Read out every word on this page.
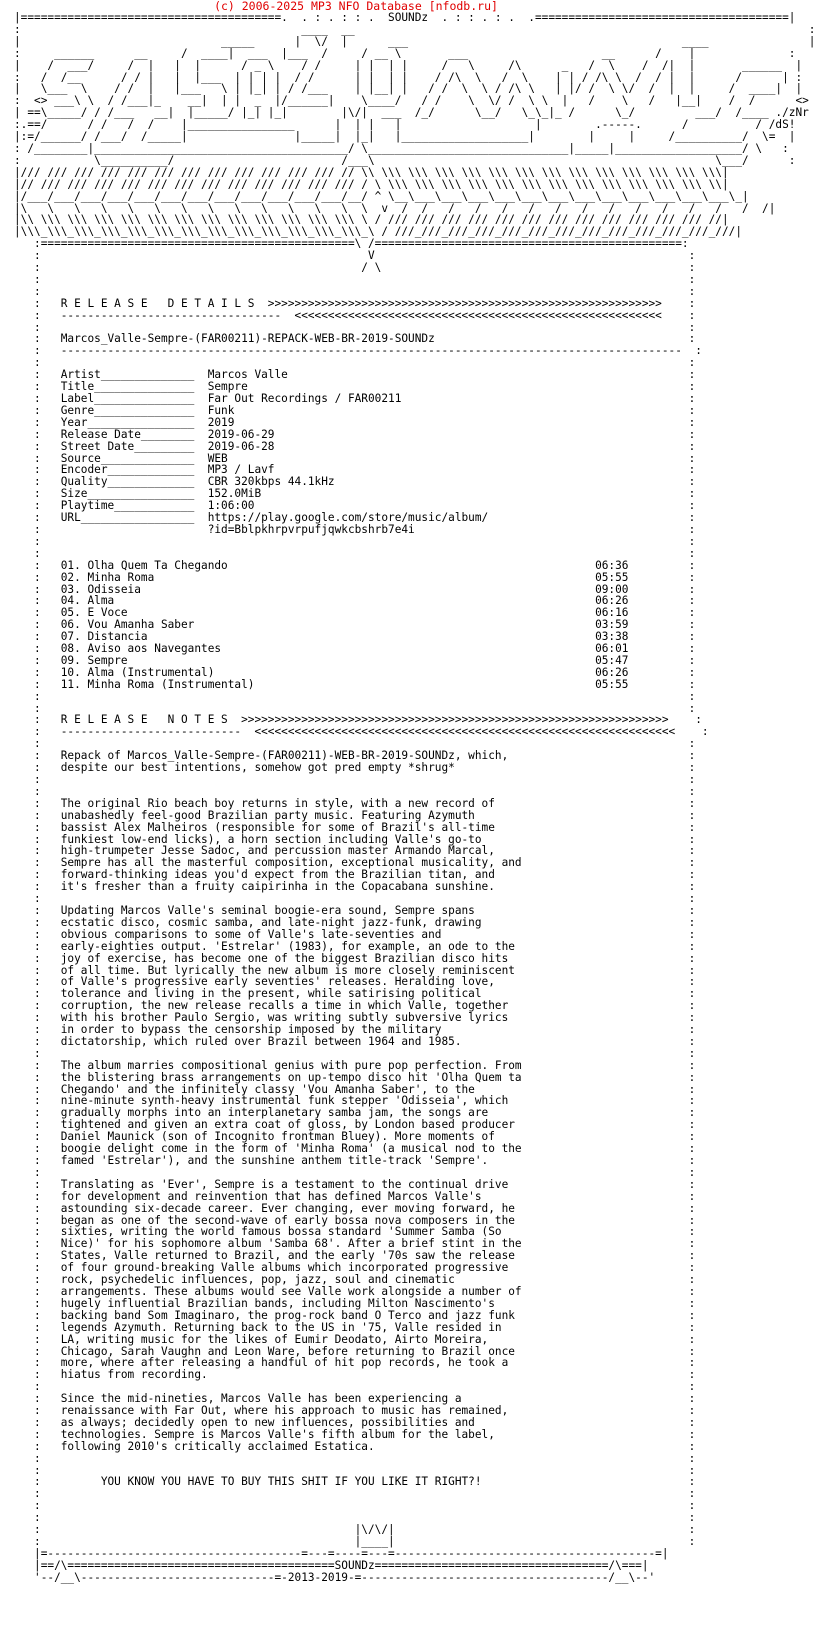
(c) 2006-2025 MP3 NFO Database [nfodb.ru]
|=======================================.  . : . : : .  SOUNDz  . : : . : .  .======================================|
:                                          ____  __                                                                    :
|                              _____      |  \/  |      ___                                         ____               |
:     ______      __     /  ____|  ___  |___  /     / __ \       ___                    __      /    |              :
|    /  ___/     /  |   |  |      / _ \    / /     | |  | |     /   \     /\      _   /  \    /  /|  |       ______  |
:   /  /__      / / |   |  |___  | | | |  / /      | |  | |    / /\  \   /  \    | | / /\ \  /  / |  |      /      | :
|   \___  \    / /  |   |___   \ | |_| | / /___    | |__| |   / /  \  \ / /\ \   | |/ /  \ \/  /  |  |     /  ____|  |
:  <> ___\ \  / /___|_    __|  | |  _  |/______|    \____/   / /    \  \/ /  \ \  |   /    \   /   |__|    /  /      <>
| ==\_____/ / /___   __|  |_____/ |_| |_|        |\/|  ___  /_/      \__/   \_\_|_ /      \_/         ___/  /____ ./zNr
:.==/      / /   /  /    |________________      |  | |   |                    |        .-----.      /          / /dS!
|:=/______/ /___/  /_____|                |_____|  |_|   |___________________|        |     |     /__________/  \=  |
: /________|______________________________________/ \______________________________|_____|___________________/ \   :
:           \__________/                         /___\                                                   \___/      :
|/// /// /// /// /// /// /// /// /// /// /// /// // \\ \\\ \\\ \\\ \\\ \\\ \\\ \\\ \\\ \\\ \\\ \\\ \\\ \\\|
|// /// /// /// /// /// /// /// /// /// /// /// /// / \ \\\ \\\ \\\ \\\ \\\ \\\ \\\ \\\ \\\ \\\ \\\ \\\ \\|
|/___/___/___/___/___/___/___/___/___/___/___/___/__/ ^ \__\___\___\___\___\___\___\___\___\___\___\___\___\_|
|\   \   \   \   \   \   \   \   \   \   \   \   \  \  v  /  /   /   /   /   /   /   /   /   /   /   /   /   /  /|
|\\ \\\ \\\ \\\ \\\ \\\ \\\ \\\ \\\ \\\ \\\ \\\ \\\ \ / /// /// /// /// /// /// /// /// /// /// /// /// //|
|\\\_\\\_\\\_\\\_\\\_\\\_\\\_\\\_\\\_\\\_\\\_\\\_\\\_\ / ///_///_///_///_///_///_///_///_///_///_///_///_///|
:===============================================\ /==============================================:
:                                                 V                                               :
:                                                / \                                              :
:                                                                                                 :
:                                                                                                 :
:   R E L E A S E   D E T A I L S  >>>>>>>>>>>>>>>>>>>>>>>>>>>>>>>>>>>>>>>>>>>>>>>>>>>>>>>>>>>    :
:   ---------------------------------  <<<<<<<<<<<<<<<<<<<<<<<<<<<<<<<<<<<<<<<<<<<<<<<<<<<<<<<    :
:                                                                                                 :
:   Marcos_Valle-Sempre-(FAR00211)-REPACK-WEB-BR-2019-SOUNDz                                      :
:   ---------------------------------------------------------------------------------------------  :
:                                                                                                 :
:   Artist______________  Marcos Valle                                                            :
:   Title_______________  Sempre                                                                  :
:   Label_______________  Far Out Recordings / FAR00211                                           :
:   Genre_______________  Funk                                                                    :
:   Year________________  2019                                                                    :
:   Release Date________  2019-06-29                                                              :
:   Street Date_________  2019-06-28                                                              :
:   Source______________  WEB                                                                     :
:   Encoder_____________  MP3 / Lavf                                                              :
:   Quality_____________  CBR 320kbps 44.1kHz                                                     :
:   Size________________  152.0MiB                                                                :
:   Playtime____________  1:06:00                                                                 :
:   URL_________________  https://play.google.com/store/music/album/                              :
:                         ?id=Bblpkhrpvrpufjqwkcbshrb7e4i                                         :
:                                                                                                 :
:                                                                                                 :
:   01. Olha Quem Ta Chegando                                                       06:36         :
:   02. Minha Roma                                                                  05:55         :
:   03. Odisseia                                                                    09:00         :
:   04. Alma                                                                        06:26         :
:   05. E Voce                                                                      06:16         :
:   06. Vou Amanha Saber                                                            03:59         :
:   07. Distancia                                                                   03:38         :
:   08. Aviso aos Navegantes                                                        06:01         :
:   09. Sempre                                                                      05:47         :
:   10. Alma (Instrumental)                                                         06:26         :
:   11. Minha Roma (Instrumental)                                                   05:55         :
:                                                                                                 :
:                                                                                                 :
:   R E L E A S E   N O T E S  >>>>>>>>>>>>>>>>>>>>>>>>>>>>>>>>>>>>>>>>>>>>>>>>>>>>>>>>>>>>>>>>    :
:   ---------------------------  <<<<<<<<<<<<<<<<<<<<<<<<<<<<<<<<<<<<<<<<<<<<<<<<<<<<<<<<<<<<<<<    :
:                                                                                                 :
:   Repack of Marcos_Valle-Sempre-(FAR00211)-WEB-BR-2019-SOUNDz, which,                           :
:   despite our best intentions, somehow got pred empty *shrug*                                   :
:                                                                                                 :
:                                                                                                 :
:   The original Rio beach boy returns in style, with a new record of                             :
:   unabashedly feel-good Brazilian party music. Featuring Azymuth                                :
:   bassist Alex Malheiros (responsible for some of Brazil's all-time                             :
:   funkiest low-end licks), a horn section including Valle's go-to                               :
:   high-trumpeter Jesse Sadoc, and percussion master Armando Marcal,                             :
:   Sempre has all the masterful composition, exceptional musicality, and                         :
:   forward-thinking ideas you'd expect from the Brazilian titan, and                             :
:   it's fresher than a fruity caipirinha in the Copacabana sunshine.                             :
:                                                                                                 :
:   Updating Marcos Valle's seminal boogie-era sound, Sempre spans                                :
:   ecstatic disco, cosmic samba, and late-night jazz-funk, drawing                               :
:   obvious comparisons to some of Valle's late-seventies and                                     :
:   early-eighties output. 'Estrelar' (1983), for example, an ode to the                          :
:   joy of exercise, has become one of the biggest Brazilian disco hits                           :
:   of all time. But lyrically the new album is more closely reminiscent                          :
:   of Valle's progressive early seventies' releases. Heralding love,                             :
:   tolerance and living in the present, while satirising political                               :
:   corruption, the new release recalls a time in which Valle, together                           :
:   with his brother Paulo Sergio, was writing subtly subversive lyrics                           :
:   in order to bypass the censorship imposed by the military                                     :
:   dictatorship, which ruled over Brazil between 1964 and 1985.                                  :
:                                                                                                 :
:   The album marries compositional genius with pure pop perfection. From                         :
:   the blistering brass arrangements on up-tempo disco hit 'Olha Quem ta                         :
:   Chegando' and the infinitely classy 'Vou Amanha Saber', to the                                :
:   nine-minute synth-heavy instrumental funk stepper 'Odisseia', which                           :
:   gradually morphs into an interplanetary samba jam, the songs are                              :
:   tightened and given an extra coat of gloss, by London based producer                          :
:   Daniel Maunick (son of Incognito frontman Bluey). More moments of                             :
:   boogie delight come in the form of 'Minha Roma' (a musical nod to the                         :
:   famed 'Estrelar'), and the sunshine anthem title-track 'Sempre'.                              :
:                                                                                                 :
:   Translating as 'Ever', Sempre is a testament to the continual drive                           :
:   for development and reinvention that has defined Marcos Valle's                               :
:   astounding six-decade career. Ever changing, ever moving forward, he                          :
:   began as one of the second-wave of early bossa nova composers in the                          :
:   sixties, writing the world famous bossa standard 'Summer Samba (So                            :
:   Nice)' for his sophomore album 'Samba 68'. After a brief stint in the                         :
:   States, Valle returned to Brazil, and the early '70s saw the release                          :
:   of four ground-breaking Valle albums which incorporated progressive                           :
:   rock, psychedelic influences, pop, jazz, soul and cinematic                                   :
:   arrangements. These albums would see Valle work alongside a number of                         :
:   hugely influential Brazilian bands, including Milton Nascimento's                             :
:   backing band Som Imaginaro, the prog-rock band O Terco and jazz funk                          :
:   legends Azymuth. Returning back to the US in '75, Valle resided in                            :
:   LA, writing music for the likes of Eumir Deodato, Airto Moreira,                              :
:   Chicago, Sarah Vaughn and Leon Ware, before returning to Brazil once                          :
:   more, where after releasing a handful of hit pop records, he took a                           :
:   hiatus from recording.                                                                        :
:                                                                                                 :
:   Since the mid-nineties, Marcos Valle has been experiencing a                                  :
:   renaissance with Far Out, where his approach to music has remained,                           :
:   as always; decidedly open to new influences, possibilities and                                :
:   technologies. Sempre is Marcos Valle's fifth album for the label,                             :
:   following 2010's critically acclaimed Estatica.                                               :
:                                                                                                 :
:                                                                                                 :
:         YOU KNOW YOU HAVE TO BUY THIS SHIT IF YOU LIKE IT RIGHT?!                               :
:                                                                                                 :
:                                                                                                 :
:                                                                                                 :
:                                               |\/\/|                                            :
:                                               |____|                                            :
|=--------------------------------------=---=----=---=---------------------------------------=|
|==/\========================================SOUNDz===================================/\===|
'--/__\-----------------------------=-2013-2019-=-------------------------------------/__\--'
